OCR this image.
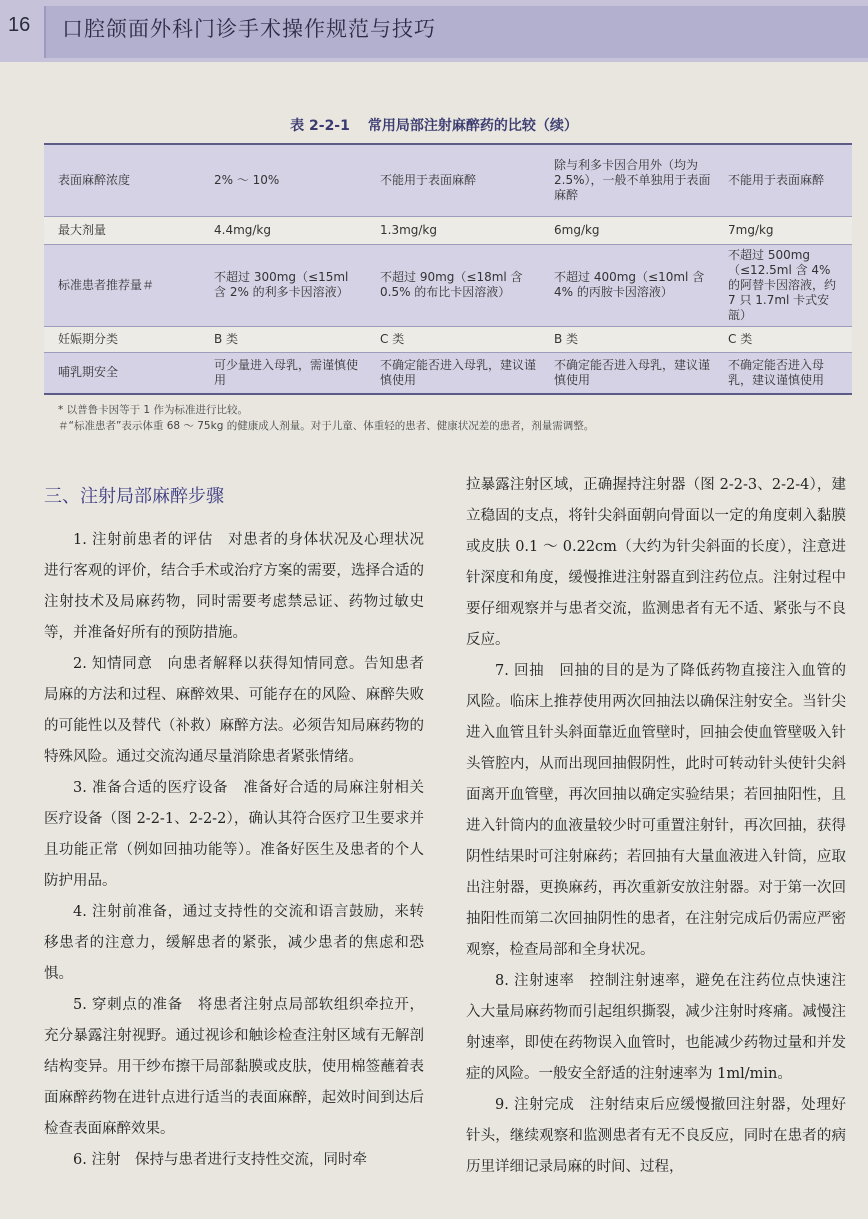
16	口腔颌面外科门诊手术操作规范与技巧
表 2-2-1 常用局部注射麻醉药的比较（续）
表面麻醉浓度	2% ～ 10%	不能用于表面麻醉	除与利多卡因合用外（均为2.5%），一般不单独用于表面麻醉	不能用于表面麻醉
最大剂量	4.4mg/kg	1.3mg/kg	6mg/kg	7mg/kg
标准患者推荐量＃	不超过 300mg（≤15ml 含 2% 的利多卡因溶液）	不超过 90mg（≤18ml 含 0.5% 的布比卡因溶液）	不超过 400mg（≤10ml 含 4% 的丙胺卡因溶液）	不超过 500mg（≤12.5ml 含 4% 的阿替卡因溶液，约 7 只 1.7ml 卡式安瓿）
妊娠期分类	B 类	C 类	B 类	C 类
哺乳期安全	可少量进入母乳，需谨慎使用	不确定能否进入母乳，建议谨慎使用	不确定能否进入母乳，建议谨慎使用	不确定能否进入母乳，建议谨慎使用
* 以普鲁卡因等于 1 作为标准进行比较。
＃“标准患者”表示体重 68 ～ 75kg 的健康成人剂量。对于儿童、体重轻的患者、健康状况差的患者，剂量需调整。
三、注射局部麻醉步骤

1. 注射前患者的评估　对患者的身体状况及心理状况进行客观的评价，结合手术或治疗方案的需要，选择合适的注射技术及局麻药物，同时需要考虑禁忌证、药物过敏史等，并准备好所有的预防措施。

2. 知情同意　向患者解释以获得知情同意。告知患者局麻的方法和过程、麻醉效果、可能存在的风险、麻醉失败的可能性以及替代（补救）麻醉方法。必须告知局麻药物的特殊风险。通过交流沟通尽量消除患者紧张情绪。

3. 准备合适的医疗设备　准备好合适的局麻注射相关医疗设备（图 2-2-1、2-2-2），确认其符合医疗卫生要求并且功能正常（例如回抽功能等）。准备好医生及患者的个人防护用品。

4. 注射前准备，通过支持性的交流和语言鼓励，来转移患者的注意力，缓解患者的紧张，减少患者的焦虑和恐惧。

5. 穿刺点的准备　将患者注射点局部软组织牵拉开，充分暴露注射视野。通过视诊和触诊检查注射区域有无解剖结构变异。用干纱布擦干局部黏膜或皮肤，使用棉签蘸着表面麻醉药物在进针点进行适当的表面麻醉，起效时间到达后检查表面麻醉效果。

6. 注射　保持与患者进行支持性交流，同时牵

拉暴露注射区域，正确握持注射器（图 2-2-3、2-2-4），建立稳固的支点，将针尖斜面朝向骨面以一定的角度刺入黏膜或皮肤 0.1 ～ 0.22cm（大约为针尖斜面的长度），注意进针深度和角度，缓慢推进注射器直到注药位点。注射过程中要仔细观察并与患者交流，监测患者有无不适、紧张与不良反应。

7. 回抽　回抽的目的是为了降低药物直接注入血管的风险。临床上推荐使用两次回抽法以确保注射安全。当针尖进入血管且针头斜面靠近血管壁时，回抽会使血管壁吸入针头管腔内，从而出现回抽假阴性，此时可转动针头使针尖斜面离开血管壁，再次回抽以确定实验结果；若回抽阳性，且进入针筒内的血液量较少时可重置注射针，再次回抽，获得阴性结果时可注射麻药；若回抽有大量血液进入针筒，应取出注射器，更换麻药，再次重新安放注射器。对于第一次回抽阳性而第二次回抽阴性的患者，在注射完成后仍需应严密观察，检查局部和全身状况。

8. 注射速率　控制注射速率，避免在注药位点快速注入大量局麻药物而引起组织撕裂，减少注射时疼痛。减慢注射速率，即使在药物误入血管时，也能减少药物过量和并发症的风险。一般安全舒适的注射速率为 1ml/min。

9. 注射完成　注射结束后应缓慢撤回注射器，处理好针头，继续观察和监测患者有无不良反应，同时在患者的病历里详细记录局麻的时间、过程，
